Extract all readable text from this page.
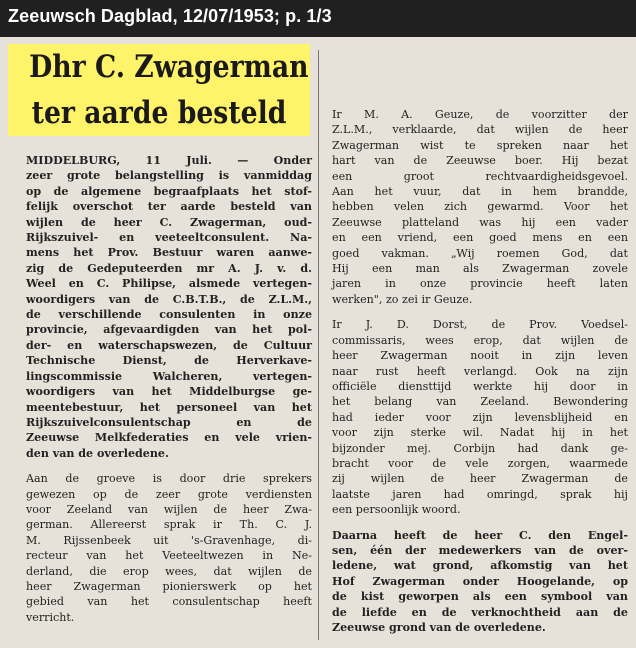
Zeeuwsch Dagblad, 12/07/1953; p. 1/3
Dhr C. Zwagerman
ter aarde besteld

MIDDELBURG, 11 Juli. — Onder
zeer grote belangstelling is vanmiddag
op de algemene begraafplaats het stof-
felijk overschot ter aarde besteld van
wijlen de heer C. Zwagerman, oud-
Rijkszuivel- en veeteeltconsulent. Na-
mens het Prov. Bestuur waren aanwe-
zig de Gedeputeerden mr A. J. v. d.
Weel en C. Philipse, alsmede vertegen-
woordigers van de C.B.T.B., de Z.L.M.,
de verschillende consulenten in onze
provincie, afgevaardigden van het pol-
der- en waterschapswezen, de Cultuur
Technische Dienst, de Herverkave-
lingscommissie Walcheren, vertegen-
woordigers van het Middelburgse ge-
meentebestuur, het personeel van het
Rijkszuivelconsulentschap en de
Zeeuwse Melkfederaties en vele vrien-
den van de overledene.

Aan de groeve is door drie sprekers
gewezen op de zeer grote verdiensten
voor Zeeland van wijlen de heer Zwa-
german. Allereerst sprak ir Th. C. J.
M. Rijssenbeek uit 's-Gravenhage, di-
recteur van het Veeteeltwezen in Ne-
derland, die erop wees, dat wijlen de
heer Zwagerman pionierswerk op het
gebied van het consulentschap heeft
verricht.

Ir M. A. Geuze, de voorzitter der
Z.L.M., verklaarde, dat wijlen de heer
Zwagerman wist te spreken naar het
hart van de Zeeuwse boer. Hij bezat
een groot rechtvaardigheidsgevoel.
Aan het vuur, dat in hem brandde,
hebben velen zich gewarmd. Voor het
Zeeuwse platteland was hij een vader
en een vriend, een goed mens en een
goed vakman. „Wij roemen God, dat
Hij een man als Zwagerman zovele
jaren in onze provincie heeft laten
werken", zo zei ir Geuze.

Ir J. D. Dorst, de Prov. Voedsel-
commissaris, wees erop, dat wijlen de
heer Zwagerman nooit in zijn leven
naar rust heeft verlangd. Ook na zijn
officiële diensttijd werkte hij door in
het belang van Zeeland. Bewondering
had ieder voor zijn levensblijheid en
voor zijn sterke wil. Nadat hij in het
bijzonder mej. Corbijn had dank ge-
bracht voor de vele zorgen, waarmede
zij wijlen de heer Zwagerman de
laatste jaren had omringd, sprak hij
een persoonlijk woord.

Daarna heeft de heer C. den Engel-
sen, één der medewerkers van de over-
ledene, wat grond, afkomstig van het
Hof Zwagerman onder Hoogelande, op
de kist geworpen als een symbool van
de liefde en de verknochtheid aan de
Zeeuwse grond van de overledene.
